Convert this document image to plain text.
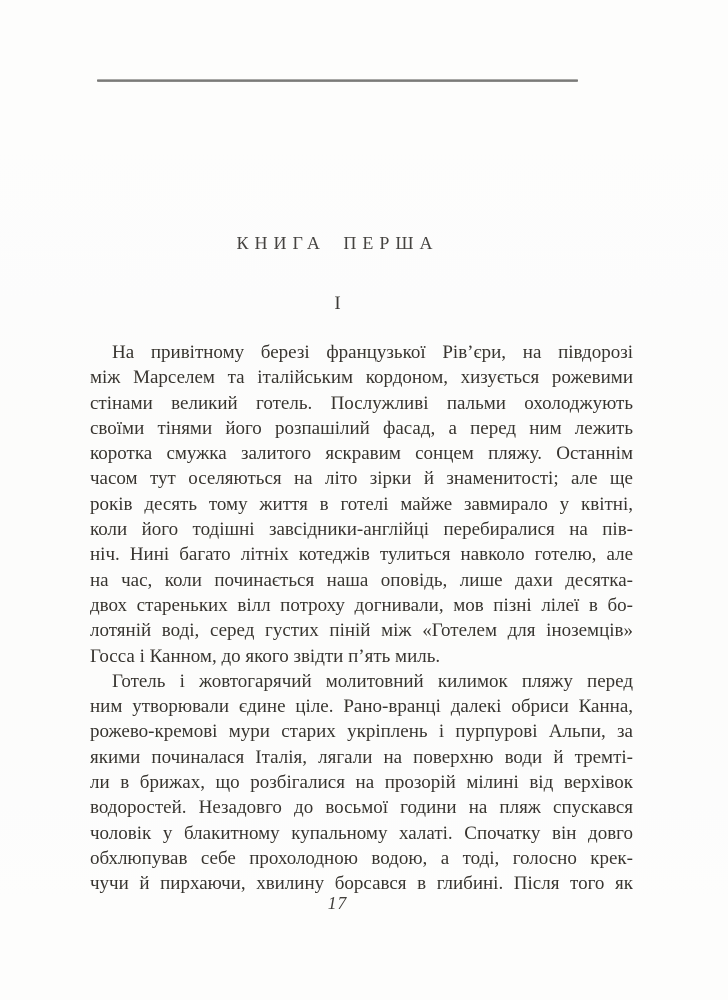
КНИГА ПЕРША
I
На привітному березі французької Рів’єри, на півдорозі
між Марселем та італійським кордоном, хизується рожевими
стінами великий готель. Послужливі пальми охолоджують
своїми тінями його розпашілий фасад, а перед ним лежить
коротка смужка залитого яскравим сонцем пляжу. Останнім
часом тут оселяються на літо зірки й знаменитості; але ще
років десять тому життя в готелі майже завмирало у квітні,
коли його тодішні завсідники-англійці перебиралися на пів-
ніч. Нині багато літніх котеджів тулиться навколо готелю, але
на час, коли починається наша оповідь, лише дахи десятка-
двох стареньких вілл потроху догнивали, мов пізні лілеї в бо-
лотяній воді, серед густих піній між «Готелем для іноземців»
Госса і Канном, до якого звідти п’ять миль.
Готель і жовтогарячий молитовний килимок пляжу перед
ним утворювали єдине ціле. Рано-вранці далекі обриси Канна,
рожево-кремові мури старих укріплень і пурпурові Альпи, за
якими починалася Італія, лягали на поверхню води й тремті-
ли в брижах, що розбігалися на прозорій мілині від верхівок
водоростей. Незадовго до восьмої години на пляж спускався
чоловік у блакитному купальному халаті. Спочатку він довго
обхлюпував себе прохолодною водою, а тоді, голосно крек-
чучи й пирхаючи, хвилину борсався в глибині. Після того як
17
